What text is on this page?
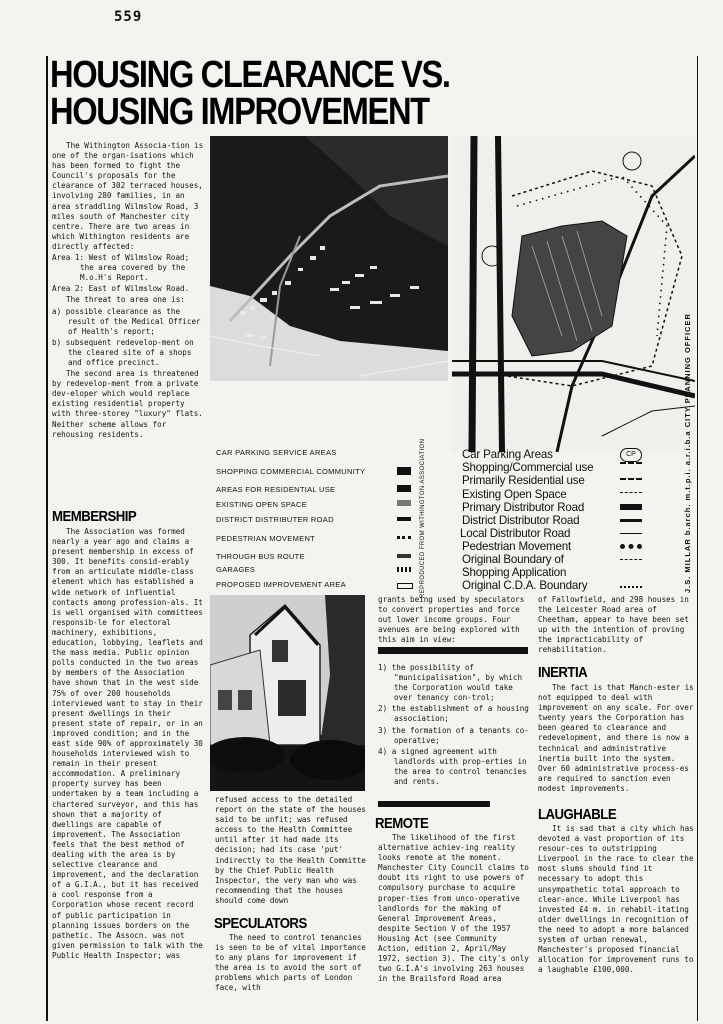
559
HOUSING CLEARANCE VS.
HOUSING IMPROVEMENT

The Withington Associa-tion is one of the organ-isations which has been formed to fight the Council's proposals for the clearance of 302 terraced houses, involving 280 families, in an area straddling Wilmslow Road, 3 miles south of Manchester city centre. There are two areas in which Withington residents are directly affected:

Area 1: West of Wilmslow Road; the area covered by the M.o.H's Report.

Area 2: East of Wilmslow Road.

The threat to area one is:

a) possible clearance as the result of the Medical Officer of Health's report;

b) subsequent redevelop-ment on the cleared site of a shops and office precinct.

The second area is threatened by redevelop-ment from a private dev-eloper which would replace existing residential property with three-storey "luxury" flats. Neither scheme allows for rehousing residents.

MEMBERSHIP

The Association was formed nearly a year ago and claims a present membership in excess of 300. It benefits consid-erably from an articulate middle-class element which has established a wide network of influential contacts among profession-als. It is well organised with committees responsib-le for electoral machinery, exhibitions, education, lobbying, leaflets and the mass media. Public opinion polls conducted in the two areas by members of the Association have shown that in the west side 75% of over 200 households interviewed want to stay in their present dwellings in their present state of repair, or in an improved condition; and in the east side 90% of approximately 30 households interviewed wish to remain in their present accommodation. A preliminary property survey has been undertaken by a team including a chartered surveyor, and this has shown that a majority of dwellings are capable of improvement. The Association feels that the best method of dealing with the area is by selective clearance and improvement, and the declaration of a G.I.A., but it has received a cool response from a Corporation whose recent record of public participation in planning issues borders on the pathetic. The Assocn. was not given permission to talk with the Public Health Inspector; was

REPRODUCED FROM WITHINGTON ASSOCIATION
CAR PARKING SERVICE AREAS
SHOPPING COMMERCIAL COMMUNITY
AREAS FOR RESIDENTIAL USE
EXISTING OPEN SPACE
DISTRICT DISTRIBUTER ROAD
PEDESTRIAN MOVEMENT
THROUGH BUS ROUTE
GARAGES
PROPOSED IMPROVEMENT AREA
Car Parking Areas
Shopping/Commercial use
Primarily Residential use
Existing Open Space
Primary Distributor Road
District Distributor Road
Local Distributor Road
Pedestrian Movement
Original Boundary of
Shopping Application
Original C.D.A. Boundary
CP	J.S. MILLAR b.arch. m.t.p.i. a.r.i.b.a CITY PLANNING OFFICER

refused access to the detailed report on the state of the houses said to be unfit; was refused access to the Health Committee until after it had made its decision; had its case 'put' indirectly to the Health Committe by the Chief Public Health Inspector, the very man who was recommending that the houses should come down

SPECULATORS

The need to control tenancies is seen to be of vital importance to any plans for improvement if the area is to avoid the sort of problems which parts of London face, with

grants being used by speculators to convert properties and force out lower income groups. Four avenues are being explored with this aim in view:

1) the possibility of "municipalisation", by which the Corporation would take over tenancy con-trol;

2) the establishment of a housing association;

3) the formation of a tenants co-operative;

4) a signed agreement with landlords with prop-erties in the area to control tenancies and rents.

REMOTE

The likelihood of the first alternative achiev-ing reality looks remote at the moment. Manchester City Council claims to doubt its right to use powers of compulsory purchase to acquire proper-ties from unco-operative landlords for the making of General Improvement Areas, despite Section V of the 1957 Housing Act (see Community Action, edition 2, April/May 1972, section 3). The city's only two G.I.A's involving 263 houses in the Brailsford Road area

of Fallowfield, and 298 houses in the Leicester Road area of Cheetham, appear to have been set up with the intention of proving the impracticability of rehabilitation.

INERTIA

The fact is that Manch-ester is not equipped to deal with improvement on any scale. For over twenty years the Corporation has been geared to clearance and redevelopment, and there is now a technical and administrative inertia built into the system. Over 60 administrative process-es are required to sanction even modest improvements.

LAUGHABLE

It is sad that a city which has devoted a vast proportion of its resour-ces to outstripping Liverpool in the race to clear the most slums should find it necessary to adopt this unsympathetic total approach to clear-ance. While Liverpool has invested £4 m. in rehabil-itating older dwellings in recognition of the need to adopt a more balanced system of urban renewal, Manchester's proposed financial allocation for improvement runs to a laughable £100,000.
